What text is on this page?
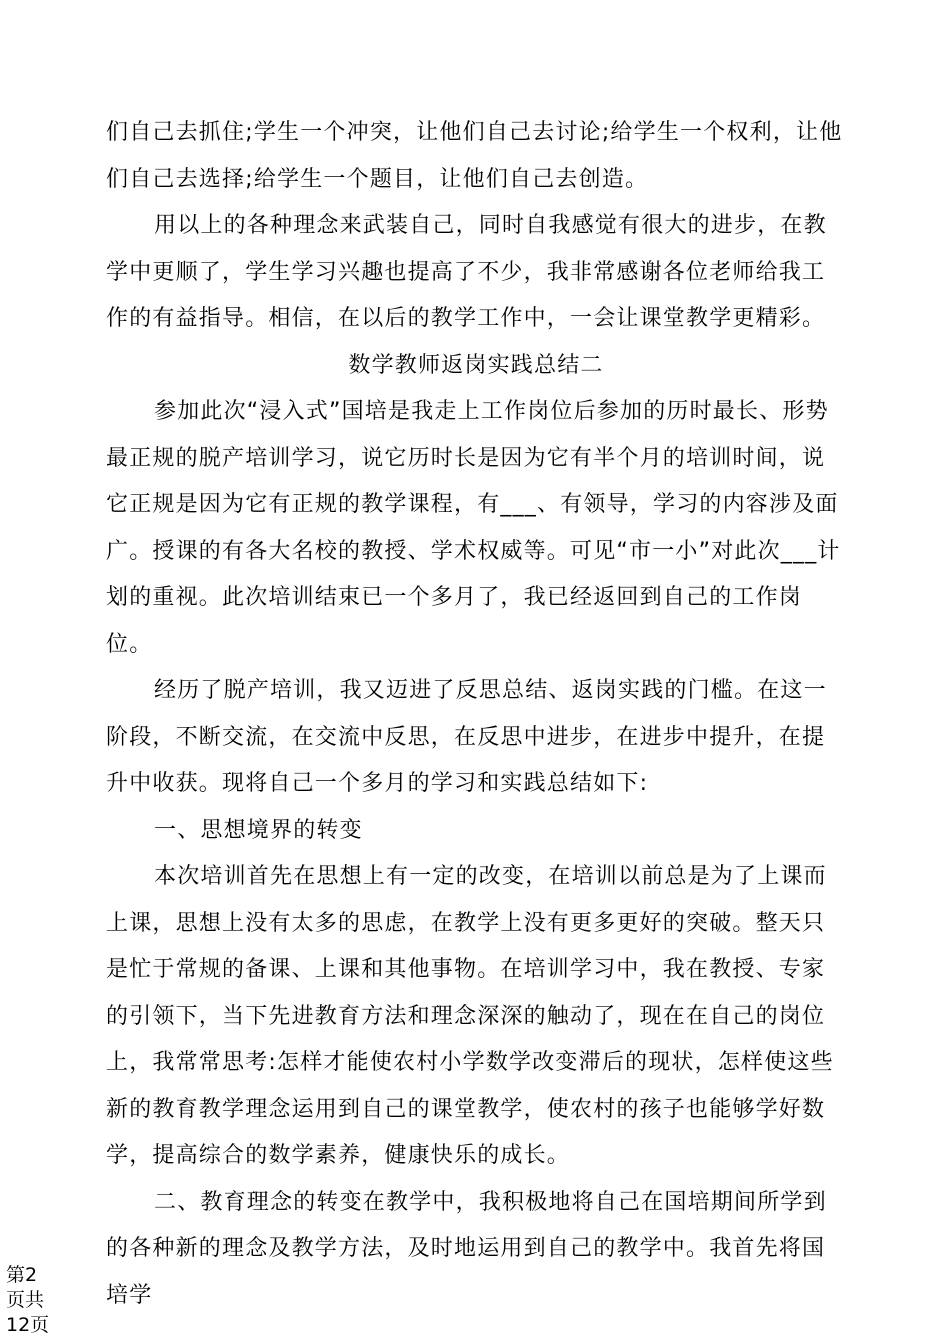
们自己去抓住;学生一个冲突，让他们自己去讨论;给学生一个权利，让他们自己去选择;给学生一个题目，让他们自己去创造。

用以上的各种理念来武装自己，同时自我感觉有很大的进步，在教学中更顺了，学生学习兴趣也提高了不少，我非常感谢各位老师给我工作的有益指导。相信，在以后的教学工作中，一会让课堂教学更精彩。

数学教师返岗实践总结二

参加此次“浸入式”国培是我走上工作岗位后参加的历时最长、形势最正规的脱产培训学习，说它历时长是因为它有半个月的培训时间，说它正规是因为它有正规的教学课程，有___、有领导，学习的内容涉及面广。授课的有各大名校的教授、学术权威等。可见“市一小”对此次___计划的重视。此次培训结束已一个多月了，我已经返回到自己的工作岗位。

经历了脱产培训，我又迈进了反思总结、返岗实践的门槛。在这一阶段，不断交流，在交流中反思，在反思中进步，在进步中提升，在提升中收获。现将自己一个多月的学习和实践总结如下:

一、思想境界的转变

本次培训首先在思想上有一定的改变，在培训以前总是为了上课而上课，思想上没有太多的思虑，在教学上没有更多更好的突破。整天只是忙于常规的备课、上课和其他事物。在培训学习中，我在教授、专家的引领下，当下先进教育方法和理念深深的触动了，现在在自己的岗位上，我常常思考:怎样才能使农村小学数学改变滞后的现状，怎样使这些新的教育教学理念运用到自己的课堂教学，使农村的孩子也能够学好数学，提高综合的数学素养，健康快乐的成长。

二、教育理念的转变在教学中，我积极地将自己在国培期间所学到的各种新的理念及教学方法，及时地运用到自己的教学中。我首先将国培学

第2
页共
12页
